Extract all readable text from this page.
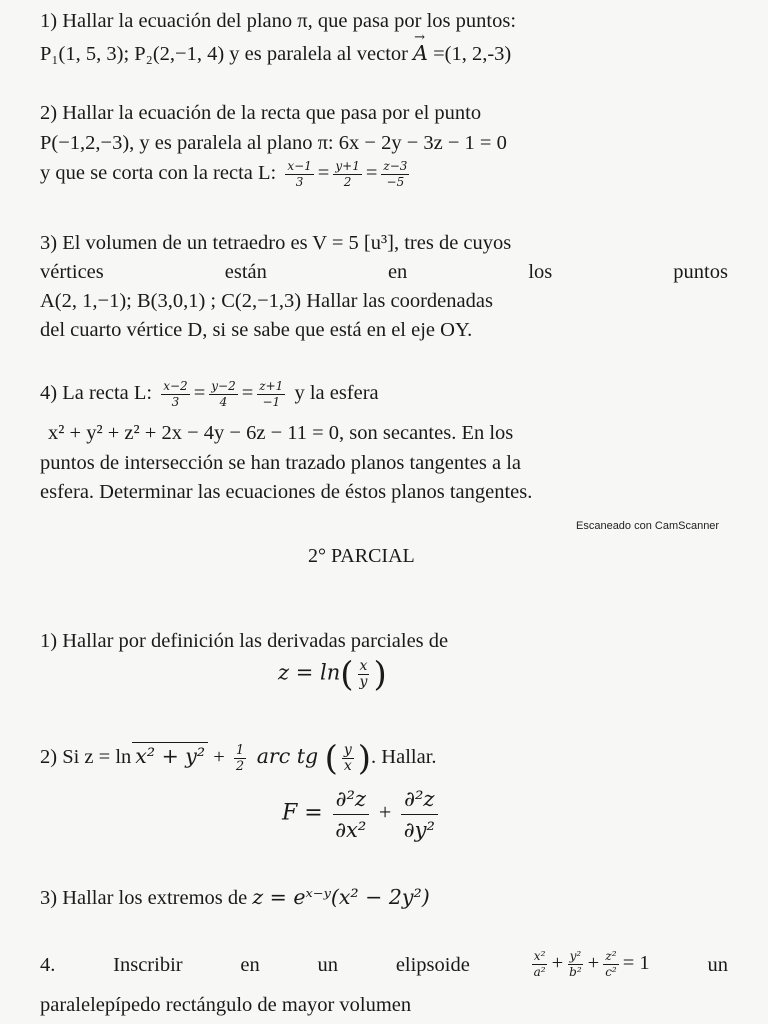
1) Hallar la ecuación del plano π, que pasa por los puntos:
P₁(1, 5, 3); P₂(2,−1, 4) y es paralela al vector → A =(1, 2,-3)
2) Hallar la ecuación de la recta que pasa por el punto
P(−1,2,−3), y es paralela al plano π: 6x − 2y − 3z − 1 = 0
y que se corta con la recta L: $\frac{x-1}{3} = \frac{y+1}{2} = \frac{z-3}{-5}$
3) El volumen de un tetraedro es V = 5 [u³], tres de cuyos
vértices	están	en	los	puntos
A(2, 1,−1); B(3,0,1) ; C(2,−1,3) Hallar las coordenadas
del cuarto vértice D, si se sabe que está en el eje OY.
4) La recta L: $\frac{x-2}{3} = \frac{y-2}{4} = \frac{z+1}{-1}$ y la esfera
x² + y² + z² + 2x − 4y − 6z − 11 = 0, son secantes. En los
puntos de intersección se han trazado planos tangentes a la
esfera. Determinar las ecuaciones de éstos planos tangentes.
Escaneado con CamScanner
2° PARCIAL
1) Hallar por definición las derivadas parciales de
$z = \ln( \frac{x}{y}$ )
2) Si $z = \ln x^2 + y^2 + \frac{1}{2}$ arc tg ( $\frac{y}{x}$ ). Hallar.
$F = \frac{\text{∂²z}}{\text{∂x²}} + \frac{\text{∂²z}}{\text{∂y²}}$
3) Hallar los extremos de z = eˣ⁻ʸ(x² − 2y²)
4.	Inscribir	en	un	elipsoide	$\frac{\text{x²}}{\text{a²}} + \frac{\text{y²}}{\text{b²}} + \frac{\text{z²}}{\text{c²}} = 1$	un
paralelepípedo rectángulo de mayor volumen
